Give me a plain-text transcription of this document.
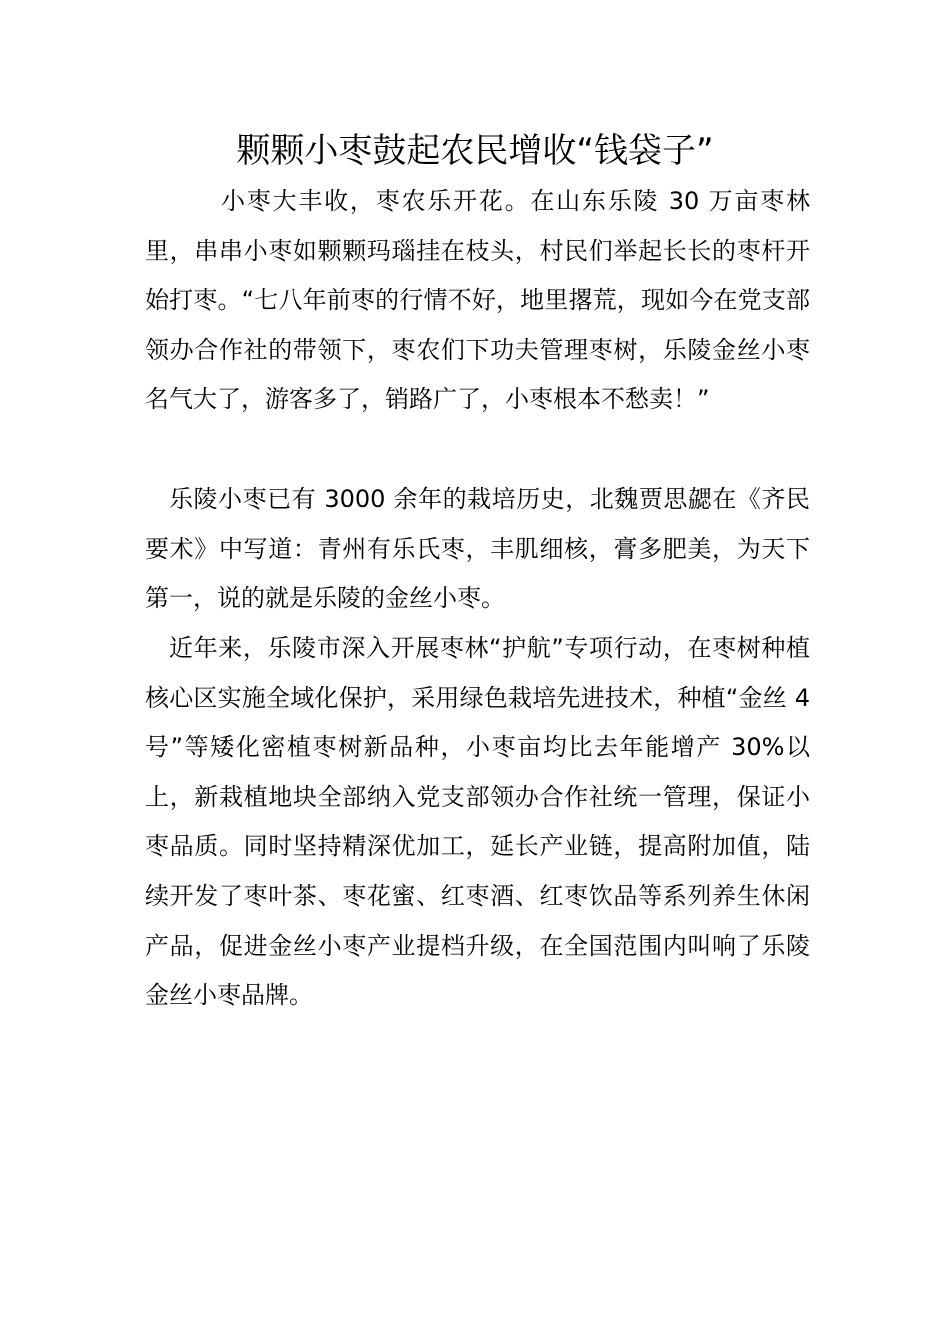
颗颗小枣鼓起农民增收“钱袋子”

小枣大丰收，枣农乐开花。在山东乐陵 30 万亩枣林里，串串小枣如颗颗玛瑙挂在枝头，村民们举起长长的枣杆开始打枣。“七八年前枣的行情不好，地里撂荒，现如今在党支部领办合作社的带领下，枣农们下功夫管理枣树，乐陵金丝小枣名气大了，游客多了，销路广了，小枣根本不愁卖！”

乐陵小枣已有 3000 余年的栽培历史，北魏贾思勰在《齐民要术》中写道：青州有乐氏枣，丰肌细核，膏多肥美，为天下第一，说的就是乐陵的金丝小枣。

近年来，乐陵市深入开展枣林“护航”专项行动，在枣树种植核心区实施全域化保护，采用绿色栽培先进技术，种植“金丝 4 号”等矮化密植枣树新品种，小枣亩均比去年能增产 30%以上，新栽植地块全部纳入党支部领办合作社统一管理，保证小枣品质。同时坚持精深优加工，延长产业链，提高附加值，陆续开发了枣叶茶、枣花蜜、红枣酒、红枣饮品等系列养生休闲产品，促进金丝小枣产业提档升级，在全国范围内叫响了乐陵金丝小枣品牌。
